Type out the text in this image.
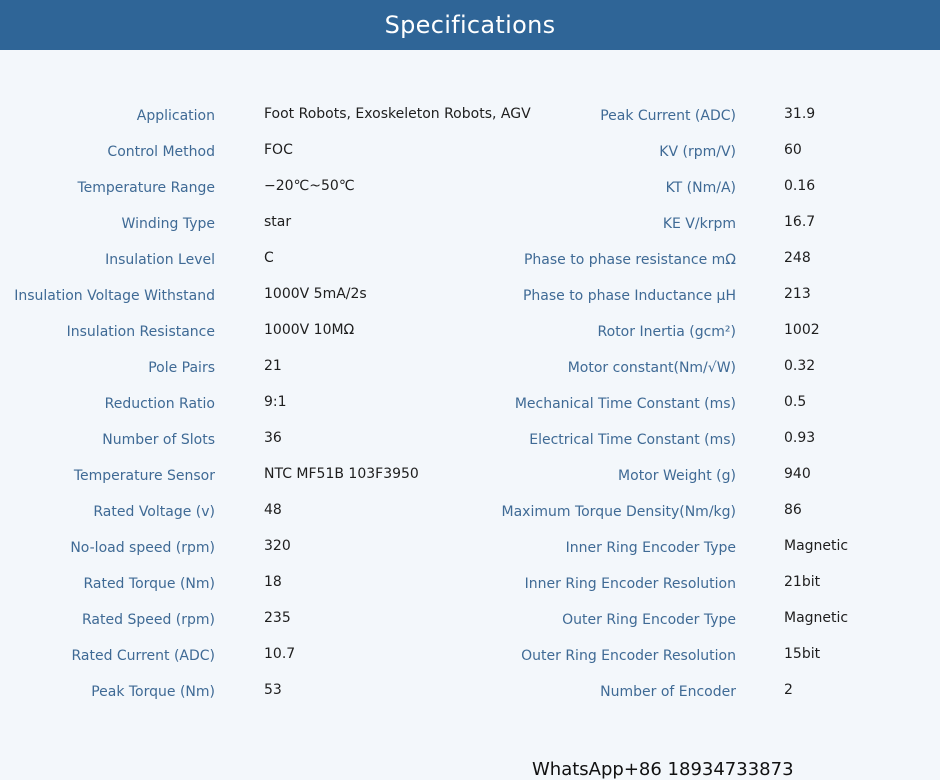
Specifications
Application	Foot Robots, Exoskeleton Robots, AGV
Control Method	FOC
Temperature Range	−20℃~50℃
Winding Type	star
Insulation Level	C
Insulation Voltage Withstand	1000V 5mA/2s
Insulation Resistance	1000V 10MΩ
Pole Pairs	21
Reduction Ratio	9:1
Number of Slots	36
Temperature Sensor	NTC MF51B 103F3950
Rated Voltage (v)	48
No-load speed (rpm)	320
Rated Torque (Nm)	18
Rated Speed (rpm)	235
Rated Current (ADC)	10.7
Peak Torque (Nm)	53
Peak Current (ADC)	31.9
KV (rpm/V)	60
KT (Nm/A)	0.16
KE V/krpm	16.7
Phase to phase resistance mΩ	248
Phase to phase Inductance μH	213
Rotor Inertia (gcm²)	1002
Motor constant(Nm/√W)	0.32
Mechanical Time Constant (ms)	0.5
Electrical Time Constant (ms)	0.93
Motor Weight (g)	940
Maximum Torque Density(Nm/kg)	86
Inner Ring Encoder Type	Magnetic
Inner Ring Encoder Resolution	21bit
Outer Ring Encoder Type	Magnetic
Outer Ring Encoder Resolution	15bit
Number of Encoder	2
WhatsApp+86 18934733873
